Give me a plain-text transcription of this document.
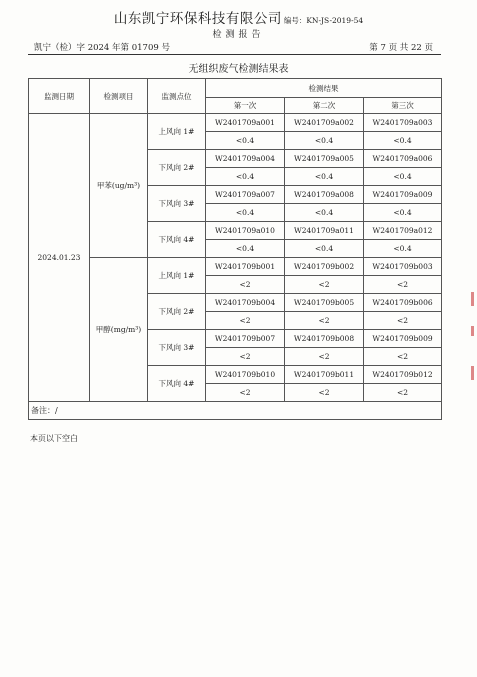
山东凯宁环保科技有限公司 编号：KN-JS-2019-54
检测报告
凯宁（检）字 2024 年第 01709 号	第 7 页 共 22 页
无组织废气检测结果表
监测日期	检测项目	监测点位	检测结果		
			第一次	第二次	第三次
2024.01.23	甲苯(ug/m³)	上风向 1#	W2401709a001	W2401709a002	W2401709a003
			<0.4	<0.4	<0.4
		下风向 2#	W2401709a004	W2401709a005	W2401709a006
			<0.4	<0.4	<0.4
		下风向 3#	W2401709a007	W2401709a008	W2401709a009
			<0.4	<0.4	<0.4
		下风向 4#	W2401709a010	W2401709a011	W2401709a012
			<0.4	<0.4	<0.4
	甲醇(mg/m³)	上风向 1#	W2401709b001	W2401709b002	W2401709b003
			<2	<2	<2
		下风向 2#	W2401709b004	W2401709b005	W2401709b006
			<2	<2	<2
		下风向 3#	W2401709b007	W2401709b008	W2401709b009
			<2	<2	<2
		下风向 4#	W2401709b010	W2401709b011	W2401709b012
			<2	<2	<2
备注：/					
本页以下空白
